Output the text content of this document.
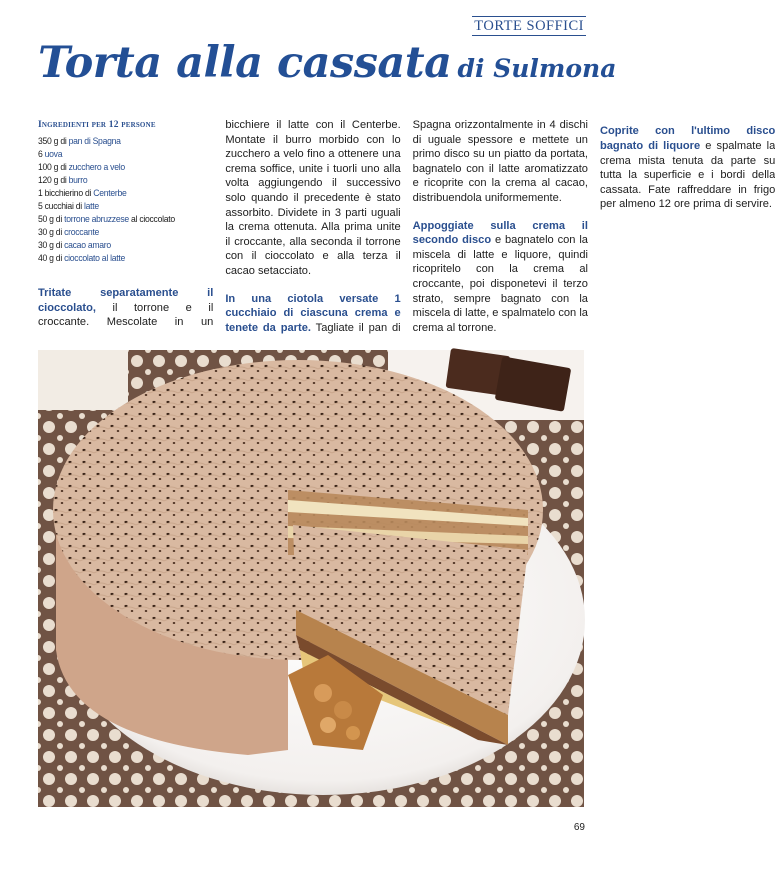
TORTE SOFFICI
Torta alla cassata di Sulmona
Ingredienti per 12 persone
350 g di pan di Spagna
6 uova
100 g di zucchero a velo
120 g di burro
1 bicchierino di Centerbe
5 cucchiai di latte
50 g di torrone abruzzese al cioccolato
30 g di croccante
30 g di cacao amaro
40 g di cioccolato al latte

Tritate separatamente il cioccolato, il torrone e il croccante. Mescolate in un bicchiere il latte con il Centerbe. Montate il burro morbido con lo zucchero a velo fino a ottenere una crema soffice, unite i tuorli uno alla volta aggiungendo il successivo solo quando il precedente è stato assorbito. Dividete in 3 parti uguali la crema ottenuta. Alla prima unite il croccante, alla seconda il torrone con il cioccolato e alla terza il cacao setacciato.

In una ciotola versate 1 cucchiaio di ciascuna crema e tenete da parte. Tagliate il pan di Spagna orizzontalmente in 4 dischi di uguale spessore e mettete un primo disco su un piatto da portata, bagnatelo con il latte aromatizzato e ricoprite con la crema al cacao, distribuendola uniformemente.

Appoggiate sulla crema il secondo disco e bagnatelo con la miscela di latte e liquore, quindi ricopritelo con la crema al croccante, poi disponetevi il terzo strato, sempre bagnato con la miscela di latte, e spalmatelo con la crema al torrone.

Coprite con l'ultimo disco bagnato di liquore e spalmate la crema mista tenuta da parte su tutta la superficie e i bordi della cassata. Fate raffreddare in frigo per almeno 12 ore prima di servire.

69
